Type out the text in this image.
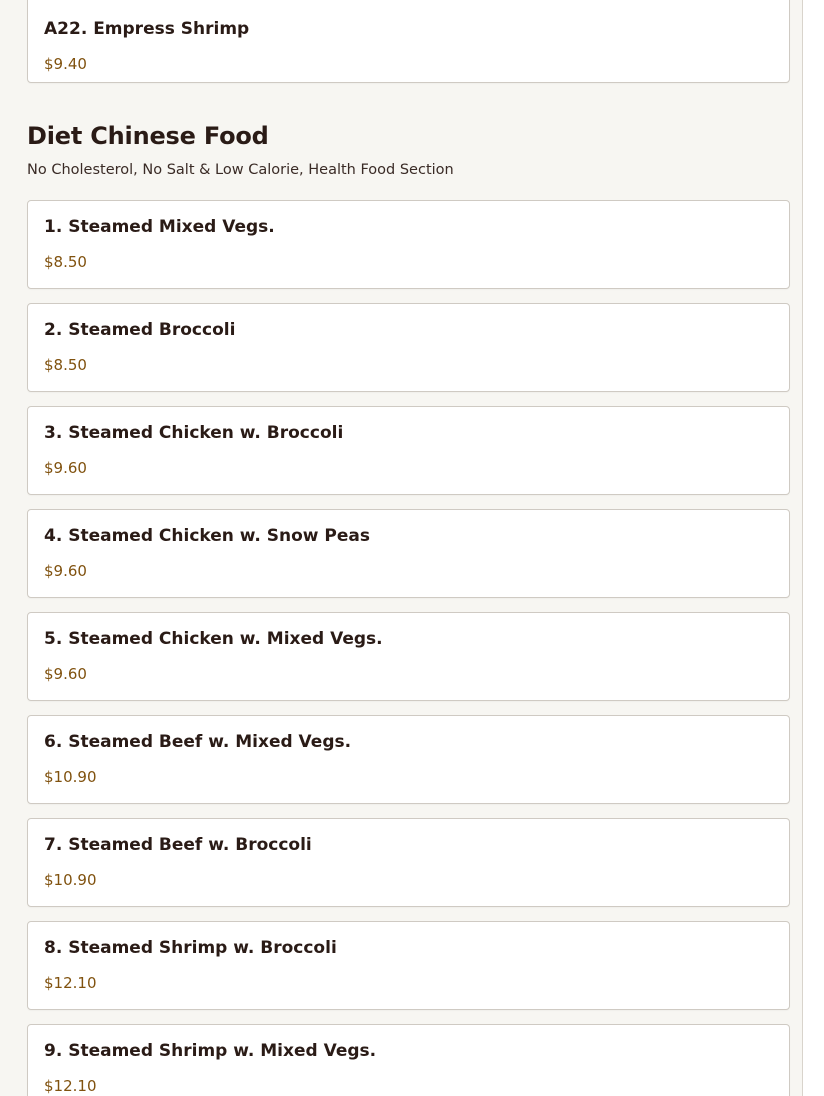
A22. Empress Shrimp
$9.40
Diet Chinese Food
No Cholesterol, No Salt & Low Calorie, Health Food Section
1. Steamed Mixed Vegs.
$8.50
2. Steamed Broccoli
$8.50
3. Steamed Chicken w. Broccoli
$9.60
4. Steamed Chicken w. Snow Peas
$9.60
5. Steamed Chicken w. Mixed Vegs.
$9.60
6. Steamed Beef w. Mixed Vegs.
$10.90
7. Steamed Beef w. Broccoli
$10.90
8. Steamed Shrimp w. Broccoli
$12.10
9. Steamed Shrimp w. Mixed Vegs.
$12.10
